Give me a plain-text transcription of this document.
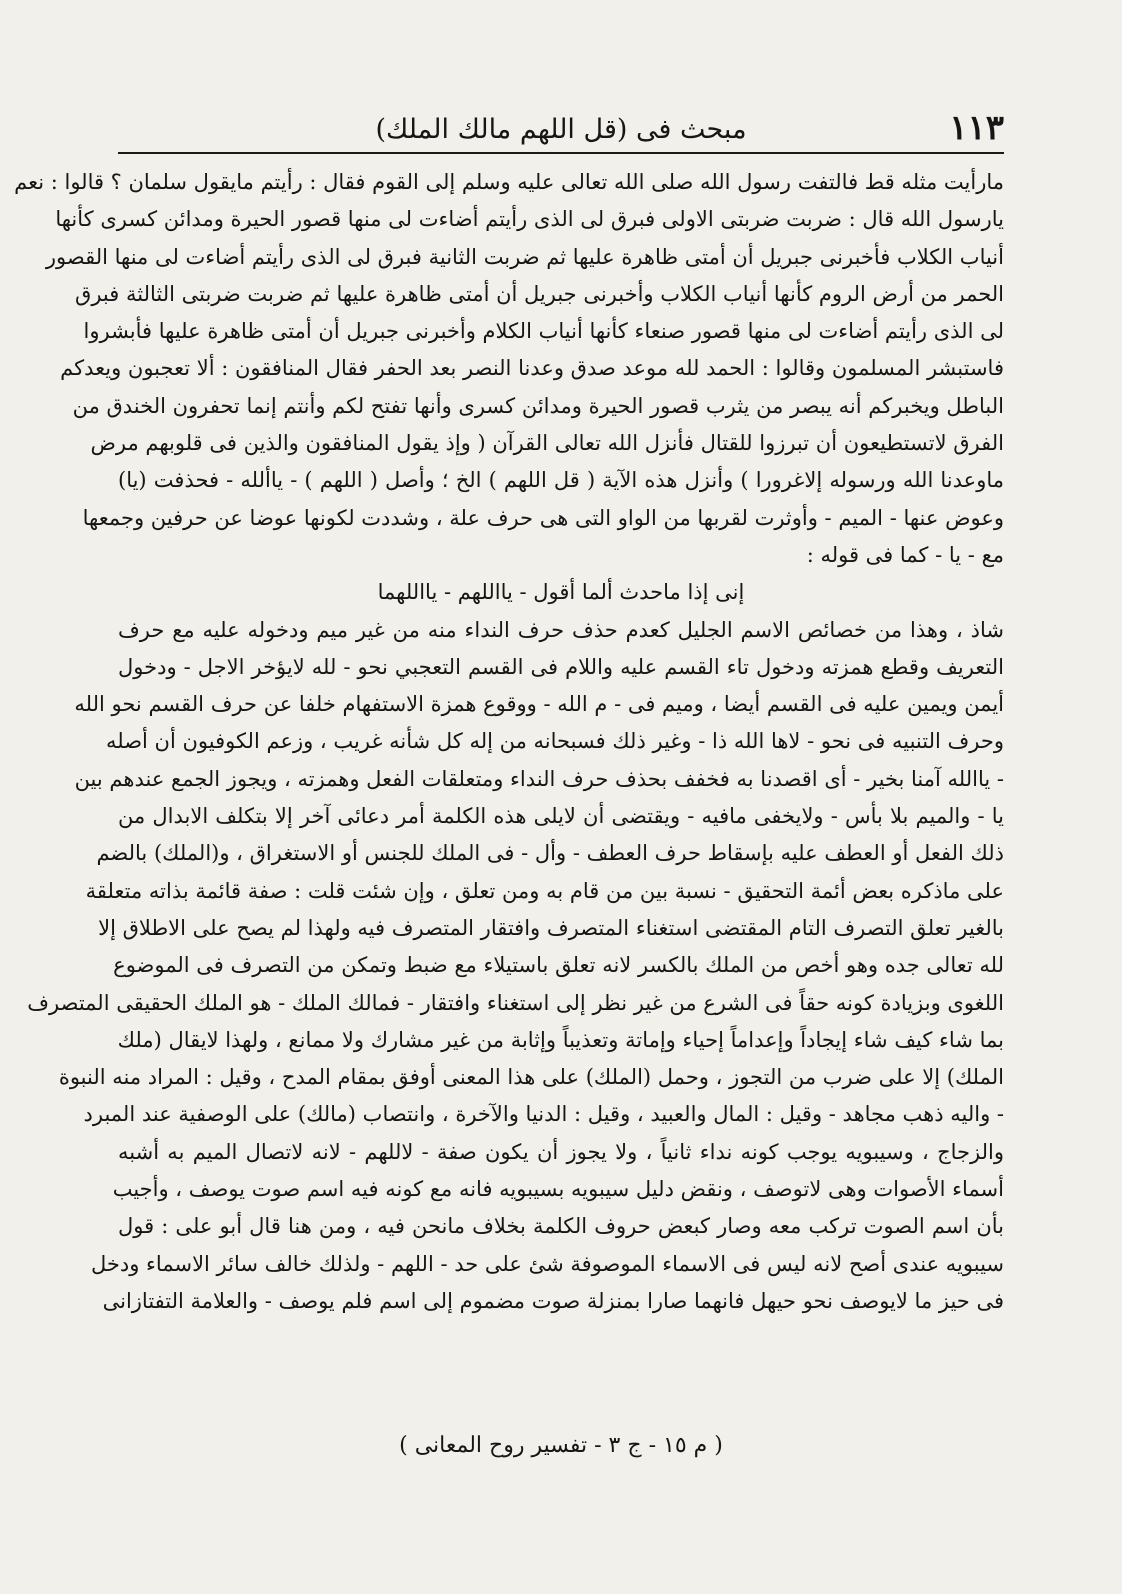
١١٣
مبحث فى (قل اللهم مالك الملك)
مارأيت مثله قط فالتفت رسول الله صلى الله تعالى عليه وسلم إلى القوم فقال : رأيتم مايقول سلمان ؟ قالوا : نعم
يارسول الله قال : ضربت ضربتى الاولى فبرق لى الذى رأيتم أضاءت لى منها قصور الحيرة ومدائن كسرى كأنها
أنياب الكلاب فأخبرنى جبريل أن أمتى ظاهرة عليها ثم ضربت الثانية فبرق لى الذى رأيتم أضاءت لى منها القصور
الحمر من أرض الروم كأنها أنياب الكلاب وأخبرنى جبريل أن أمتى ظاهرة عليها ثم ضربت ضربتى الثالثة فبرق
لى الذى رأيتم أضاءت لى منها قصور صنعاء كأنها أنياب الكلام وأخبرنى جبريل أن أمتى ظاهرة عليها فأبشروا
فاستبشر المسلمون وقالوا : الحمد لله موعد صدق وعدنا النصر بعد الحفر فقال المنافقون : ألا تعجبون ويعدكم
الباطل ويخبركم أنه يبصر من يثرب قصور الحيرة ومدائن كسرى وأنها تفتح لكم وأنتم إنما تحفرون الخندق من
الفرق لاتستطيعون أن تبرزوا للقتال فأنزل الله تعالى القرآن ( وإذ يقول المنافقون والذين فى قلوبهم مرض
ماوعدنا الله ورسوله إلاغرورا ) وأنزل هذه الآية ( قل اللهم ) الخ ؛ وأصل ( اللهم ) - ياألله - فحذفت (يا)
وعوض عنها - الميم - وأوثرت لقربها من الواو التى هى حرف علة ، وشددت لكونها عوضا عن حرفين وجمعها
مع - يا - كما فى قوله :
إنى إذا ماحدث ألما أقول - يااللهم - يااللهما
شاذ ، وهذا من خصائص الاسم الجليل كعدم حذف حرف النداء منه من غير ميم ودخوله عليه مع حرف
التعريف وقطع همزته ودخول تاء القسم عليه واللام فى القسم التعجبي نحو - لله لايؤخر الاجل - ودخول
أيمن ويمين عليه فى القسم أيضا ، وميم فى - م الله - ووقوع همزة الاستفهام خلفا عن حرف القسم نحو الله
وحرف التنبيه فى نحو - لاها الله ذا - وغير ذلك فسبحانه من إله كل شأنه غريب ، وزعم الكوفيون أن أصله
- ياالله آمنا بخير - أى اقصدنا به فخفف بحذف حرف النداء ومتعلقات الفعل وهمزته ، ويجوز الجمع عندهم بين
يا - والميم بلا بأس - ولايخفى مافيه - ويقتضى أن لايلى هذه الكلمة أمر دعائى آخر إلا بتكلف الابدال من
ذلك الفعل أو العطف عليه بإسقاط حرف العطف - وأل - فى الملك للجنس أو الاستغراق ، و(الملك) بالضم
على ماذكره بعض أئمة التحقيق - نسبة بين من قام به ومن تعلق ، وإن شئت قلت : صفة قائمة بذاته متعلقة
بالغير تعلق التصرف التام المقتضى استغناء المتصرف وافتقار المتصرف فيه ولهذا لم يصح على الاطلاق إلا
لله تعالى جده وهو أخص من الملك بالكسر لانه تعلق باستيلاء مع ضبط وتمكن من التصرف فى الموضوع
اللغوى وبزيادة كونه حقاً فى الشرع من غير نظر إلى استغناء وافتقار - فمالك الملك - هو الملك الحقيقى المتصرف
بما شاء كيف شاء إيجاداً وإعداماً إحياء وإماتة وتعذيباً وإثابة من غير مشارك ولا ممانع ، ولهذا لايقال (ملك
الملك) إلا على ضرب من التجوز ، وحمل (الملك) على هذا المعنى أوفق بمقام المدح ، وقيل : المراد منه النبوة
- واليه ذهب مجاهد - وقيل : المال والعبيد ، وقيل : الدنيا والآخرة ، وانتصاب (مالك) على الوصفية عند المبرد
والزجاج ، وسيبويه يوجب كونه نداء ثانياً ، ولا يجوز أن يكون صفة - لاللهم - لانه لاتصال الميم به أشبه
أسماء الأصوات وهى لاتوصف ، ونقض دليل سيبويه بسيبويه فانه مع كونه فيه اسم صوت يوصف ، وأجيب
بأن اسم الصوت تركب معه وصار كبعض حروف الكلمة بخلاف مانحن فيه ، ومن هنا قال أبو على : قول
سيبويه عندى أصح لانه ليس فى الاسماء الموصوفة شئ على حد - اللهم - ولذلك خالف سائر الاسماء ودخل
فى حيز ما لايوصف نحو حيهل فانهما صارا بمنزلة صوت مضموم إلى اسم فلم يوصف - والعلامة التفتازانى
( م ١٥ - ج ٣ - تفسير روح المعانى )
